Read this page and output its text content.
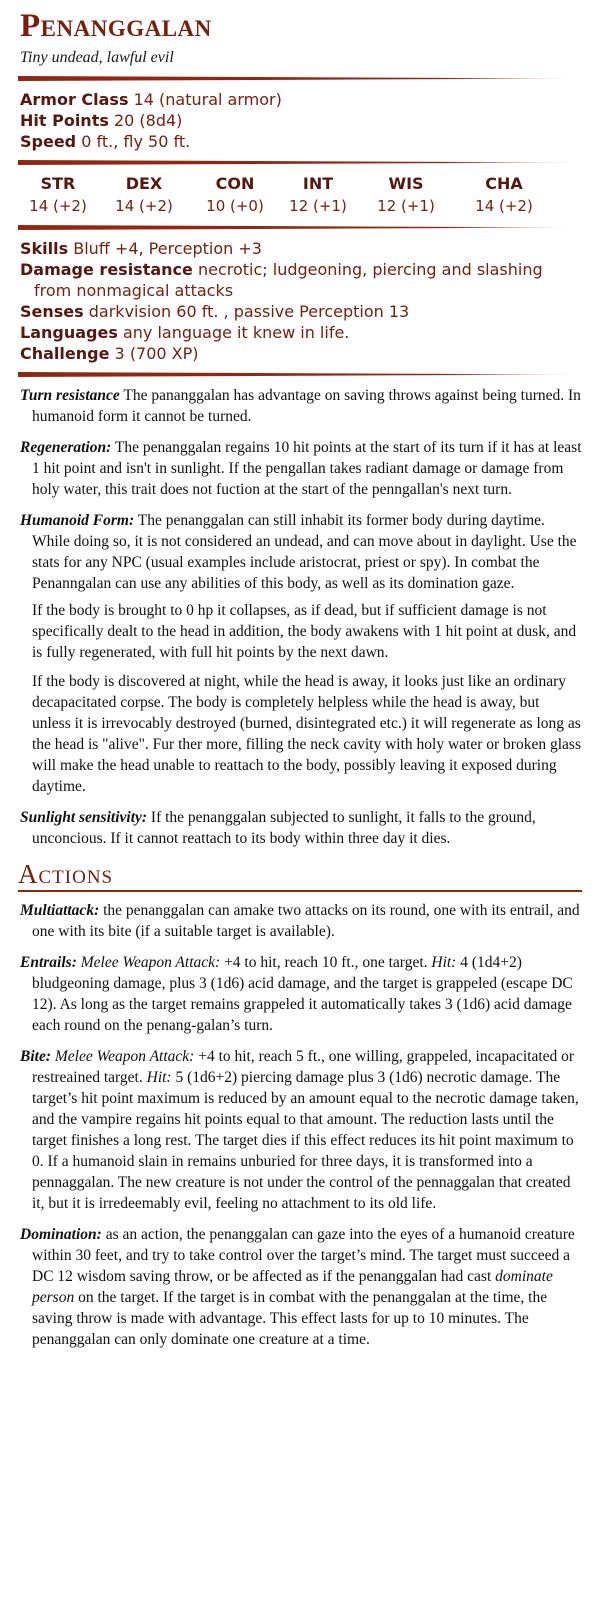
Penanggalan

Tiny undead, lawful evil

Armor Class 14 (natural armor)

Hit Points 20 (8d4)

Speed 0 ft., fly 50 ft.

STR
14 (+2)
DEX
14 (+2)
CON
10 (+0)
INT
12 (+1)
WIS
12 (+1)
CHA
14 (+2)

Skills Bluff +4, Perception +3

Damage resistance necrotic; ludgeoning, piercing and slashing from nonmagical attacks

Senses darkvision 60 ft. , passive Perception 13

Languages any language it knew in life.

Challenge 3 (700 XP)

Turn resistance The pananggalan has advantage on saving throws against being turned. In humanoid form it cannot be turned.

Regeneration: The penanggalan regains 10 hit points at the start of its turn if it has at least 1 hit point and isn't in sunlight. If the pengallan takes radiant damage or damage from holy water, this trait does not fuction at the start of the penngallan's next turn.

Humanoid Form: The penanggalan can still inhabit its former body during daytime. While doing so, it is not considered an undead, and can move about in daylight. Use the stats for any NPC (usual examples include aristocrat, priest or spy). In combat the Penanngalan can use any abilities of this body, as well as its domination gaze.

If the body is brought to 0 hp it collapses, as if dead, but if sufficient damage is not specifically dealt to the head in addition, the body awakens with 1 hit point at dusk, and is fully regenerated, with full hit points by the next dawn.

If the body is discovered at night, while the head is away, it looks just like an ordinary decapacitated corpse. The body is completely helpless while the head is away, but unless it is irrevocably destroyed (burned, disintegrated etc.) it will regenerate as long as the head is "alive". Fur ther more, filling the neck cavity with holy water or broken glass will make the head unable to reattach to the body, possibly leaving it exposed during daytime.

Sunlight sensitivity: If the penanggalan subjected to sunlight, it falls to the ground, unconcious. If it cannot reattach to its body within three day it dies.

Actions

Multiattack: the penanggalan can amake two attacks on its round, one with its entrail, and one with its bite (if a suitable target is available).

Entrails: Melee Weapon Attack: +4 to hit, reach 10 ft., one target. Hit: 4 (1d4+2) bludgeoning damage, plus 3 (1d6) acid damage, and the target is grappeled (escape DC 12). As long as the target remains grappeled it automatically takes 3 (1d6) acid damage each round on the penang-galan’s turn.

Bite: Melee Weapon Attack: +4 to hit, reach 5 ft., one willing, grappeled, incapacitated or restreained target. Hit: 5 (1d6+2) piercing damage plus 3 (1d6) necrotic damage. The target’s hit point maximum is reduced by an amount equal to the necrotic damage taken, and the vampire regains hit points equal to that amount. The reduction lasts until the target finishes a long rest. The target dies if this effect reduces its hit point maximum to 0. If a humanoid slain in remains unburied for three days, it is transformed into a pennaggalan. The new creature is not under the control of the pennaggalan that created it, but it is irredeemably evil, feeling no attachment to its old life.

Domination: as an action, the penanggalan can gaze into the eyes of a humanoid creature within 30 feet, and try to take control over the target’s mind. The target must succeed a DC 12 wisdom saving throw, or be affected as if the penanggalan had cast dominate person on the target. If the target is in combat with the penanggalan at the time, the saving throw is made with advantage. This effect lasts for up to 10 minutes. The penanggalan can only dominate one creature at a time.
